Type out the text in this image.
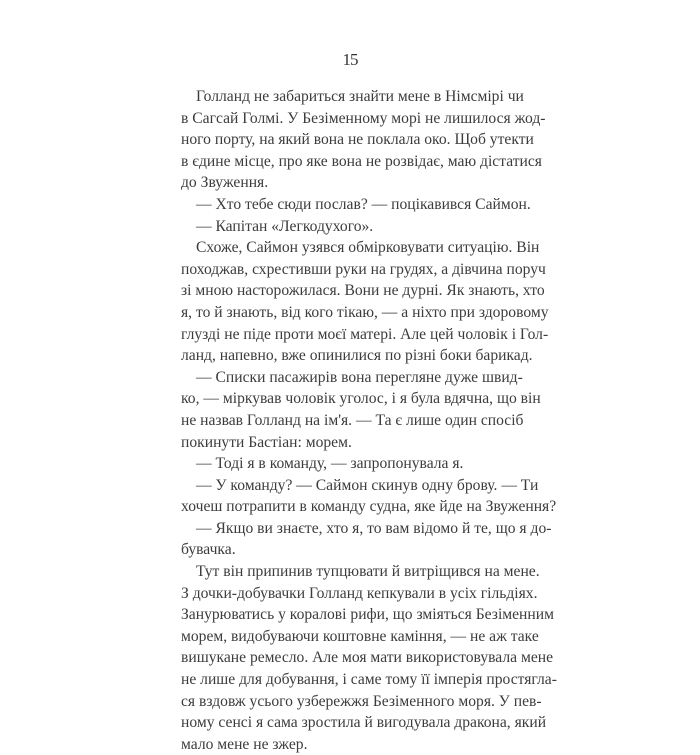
15
Голланд не забариться знайти мене в Німсмірі чи
в Сагсай Голмі. У Безіменному морі не лишилося жод-
ного порту, на який вона не поклала око. Щоб утекти
в єдине місце, про яке вона не розвідає, маю дістатися
до Звуження.
— Хто тебе сюди послав? — поцікавився Саймон.
— Капітан «Легкодухого».
Схоже, Саймон узявся обмірковувати ситуацію. Він
походжав, схрестивши руки на грудях, а дівчина поруч
зі мною насторожилася. Вони не дурні. Як знають, хто
я, то й знають, від кого тікаю, — а ніхто при здоровому
глузді не піде проти моєї матері. Але цей чоловік і Гол-
ланд, напевно, вже опинилися по різні боки барикад.
— Списки пасажирів вона перегляне дуже швид-
ко, — міркував чоловік уголос, і я була вдячна, що він
не назвав Голланд на ім'я. — Та є лише один спосіб
покинути Бастіан: морем.
— Тоді я в команду, — запропонувала я.
— У команду? — Саймон скинув одну брову. — Ти
хочеш потрапити в команду судна, яке йде на Звуження?
— Якщо ви знаєте, хто я, то вам відомо й те, що я до-
бувачка.
Тут він припинив тупцювати й витріщився на мене.
З дочки-добувачки Голланд кепкували в усіх гільдіях.
Занурюватись у коралові рифи, що зміяться Безіменним
морем, видобуваючи коштовне каміння, — не аж таке
вишукане ремесло. Але моя мати використовувала мене
не лише для добування, і саме тому її імперія простягла-
ся вздовж усього узбережжя Безіменного моря. У пев-
ному сенсі я сама зростила й вигодувала дракона, який
мало мене не зжер.
